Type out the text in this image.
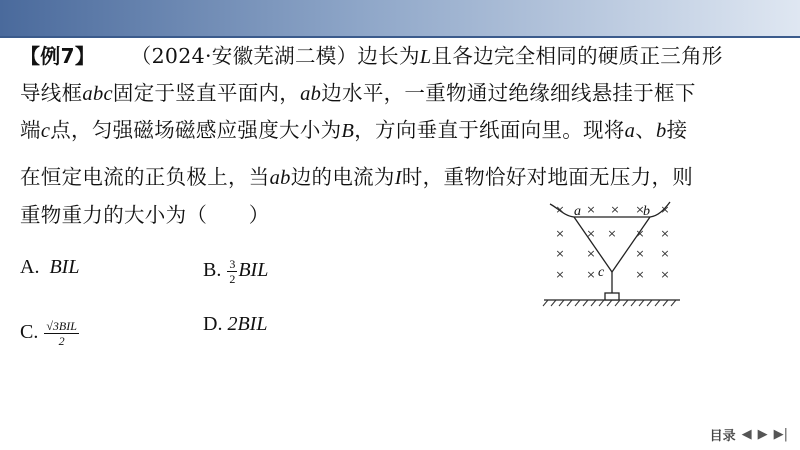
【例7】 （2024·安徽芜湖二模）边长为L且各边完全相同的硬质正三角形
导线框abc固定于竖直平面内，ab边水平，一重物通过绝缘细线悬挂于框下
端c点，匀强磁场磁感应强度大小为B，方向垂直于纸面向里。现将a、b接
在恒定电流的正负极上，当ab边的电流为I时，重物恰好对地面无压力，则
重物重力的大小为（　　）
A. BIL	B. $\frac{3}{2}$ BIL
C. $\frac{\text{√3BIL}}{2}$	D. 2BIL
× × × × ×
× × × × ×
× ×	× ×
× ×	× ×
a	b
c
目录 ◀ ▶ ▶|
